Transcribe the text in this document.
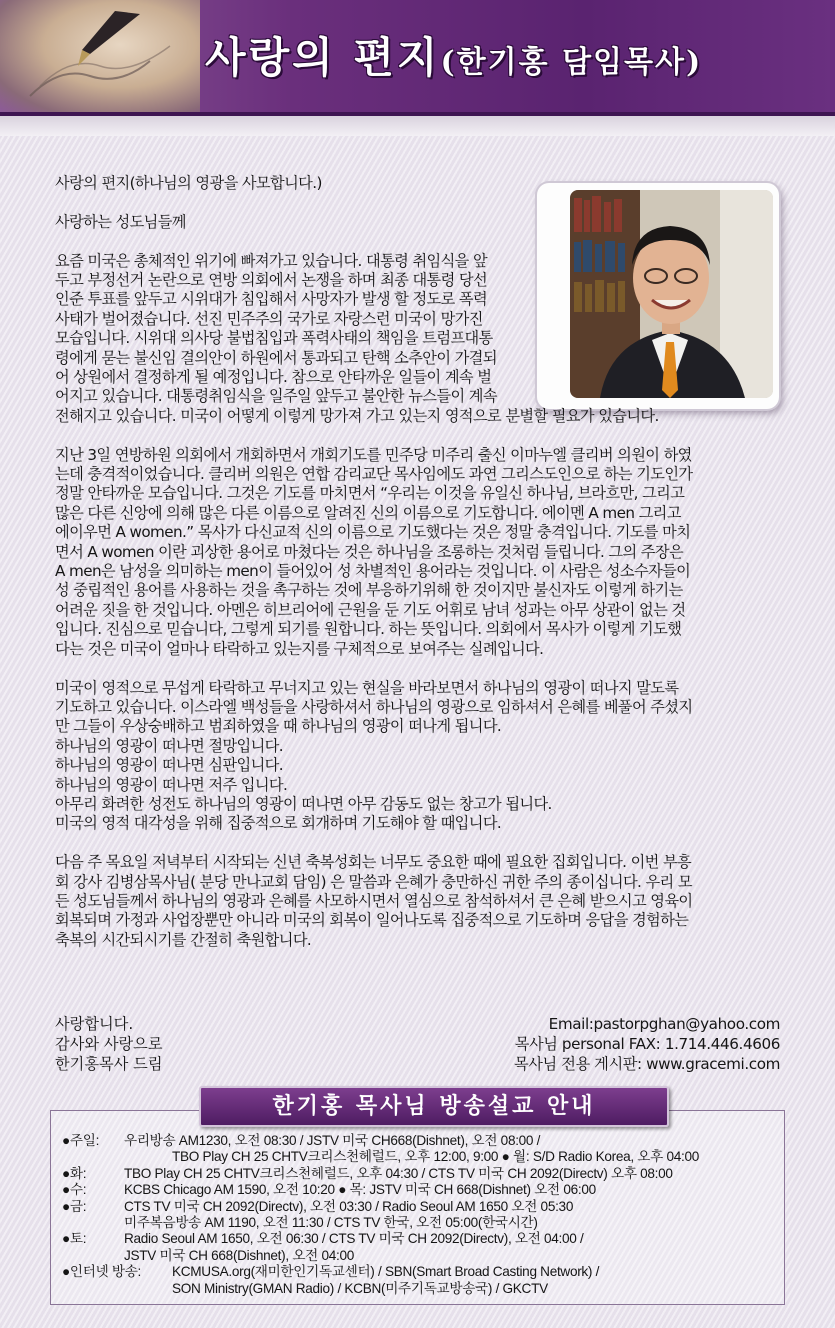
사랑의 편지(한기홍 담임목사)

사랑의 편지(하나님의 영광을 사모합니다.)

사랑하는 성도님들께

요즘 미국은 총체적인 위기에 빠져가고 있습니다. 대통령 취임식을 앞

두고 부정선거 논란으로 연방 의회에서 논쟁을 하며 최종 대통령 당선

인준 투표를 앞두고 시위대가 침입해서 사망자가 발생 할 정도로 폭력

사태가 벌어졌습니다. 선진 민주주의 국가로 자랑스런 미국이 망가진

모습입니다. 시위대 의사당 불법침입과 폭력사태의 책임을 트럼프대통

령에게 묻는 불신임 결의안이 하원에서 통과되고 탄핵 소추안이 가결되

어 상원에서 결정하게 될 예정입니다. 참으로 안타까운 일들이 계속 벌

어지고 있습니다. 대통령취임식을 일주일 앞두고 불안한 뉴스들이 계속

전해지고 있습니다. 미국이 어떻게 이렇게 망가져 가고 있는지 영적으로 분별할 필요가 있습니다.

지난 3일 연방하원 의회에서 개회하면서 개회기도를 민주당 미주리 출신 이마누엘 클리버 의원이 하였

는데 충격적이었습니다. 클리버 의원은 연합 감리교단 목사임에도 과연 그리스도인으로 하는 기도인가

정말 안타까운 모습입니다. 그것은 기도를 마치면서 “우리는 이것을 유일신 하나님, 브라흐만, 그리고

많은 다른 신앙에 의해 많은 다른 이름으로 알려진 신의 이름으로 기도합니다. 에이멘 A men 그리고

에이우먼 A women.” 목사가 다신교적 신의 이름으로 기도했다는 것은 정말 충격입니다. 기도를 마치

면서 A women 이란 괴상한 용어로 마쳤다는 것은 하나님을 조롱하는 것처럼 들립니다. 그의 주장은

A men은 남성을 의미하는 men이 들어있어 성 차별적인 용어라는 것입니다. 이 사람은 성소수자들이

성 중립적인 용어를 사용하는 것을 촉구하는 것에 부응하기위해 한 것이지만 불신자도 이렇게 하기는

어려운 짓을 한 것입니다. 아멘은 히브리어에 근원을 둔 기도 어휘로 남녀 성과는 아무 상관이 없는 것

입니다. 진심으로 믿습니다, 그렇게 되기를 원합니다. 하는 뜻입니다. 의회에서 목사가 이렇게 기도했

다는 것은 미국이 얼마나 타락하고 있는지를 구체적으로 보여주는 실례입니다.

미국이 영적으로 무섭게 타락하고 무너지고 있는 현실을 바라보면서 하나님의 영광이 떠나지 말도록

기도하고 있습니다. 이스라엘 백성들을 사랑하셔서 하나님의 영광으로 임하셔서 은혜를 베풀어 주셨지

만 그들이 우상숭배하고 범죄하였을 때 하나님의 영광이 떠나게 됩니다.

하나님의 영광이 떠나면 절망입니다.

하나님의 영광이 떠나면 심판입니다.

하나님의 영광이 떠나면 저주 입니다.

아무리 화려한 성전도 하나님의 영광이 떠나면 아무 감동도 없는 창고가 됩니다.

미국의 영적 대각성을 위해 집중적으로 회개하며 기도해야 할 때입니다.

다음 주 목요일 저녁부터 시작되는 신년 축복성회는 너무도 중요한 때에 필요한 집회입니다. 이번 부흥

회 강사 김병삼목사님( 분당 만나교회 담임) 은 말씀과 은혜가 충만하신 귀한 주의 종이십니다. 우리 모

든 성도님들께서 하나님의 영광과 은혜를 사모하시면서 열심으로 참석하셔서 큰 은혜 받으시고 영육이

회복되며 가정과 사업장뿐만 아니라 미국의 회복이 일어나도록 집중적으로 기도하며 응답을 경험하는

축복의 시간되시기를 간절히 축원합니다.

사랑합니다.
감사와 사랑으로
한기홍목사 드림
Email:pastorpghan@yahoo.com
목사님 personal FAX: 1.714.446.4606
목사님 전용 게시판: www.gracemi.com
한기홍 목사님 방송설교 안내
●주일:	우리방송 AM1230, 오전 08:30 / JSTV 미국 CH668(Dishnet), 오전 08:00 /
TBO Play CH 25 CHTV크리스천헤럴드, 오후 12:00, 9:00 ● 월: S/D Radio Korea, 오후 04:00
●화:	TBO Play CH 25 CHTV크리스천헤럴드, 오후 04:30 / CTS TV 미국 CH 2092(Directv) 오후 08:00
●수:	KCBS Chicago AM 1590, 오전 10:20 ● 목: JSTV 미국 CH 668(Dishnet) 오전 06:00
●금:	CTS TV 미국 CH 2092(Directv), 오전 03:30 / Radio Seoul AM 1650 오전 05:30
미주복음방송 AM 1190, 오전 11:30 / CTS TV 한국, 오전 05:00(한국시간)
●토:	Radio Seoul AM 1650, 오전 06:30 / CTS TV 미국 CH 2092(Directv), 오전 04:00 /
JSTV 미국 CH 668(Dishnet), 오전 04:00
●인터넷 방송:	KCMUSA.org(재미한인기독교센터) / SBN(Smart Broad Casting Network) /
SON Ministry(GMAN Radio) / KCBN(미주기독교방송국) / GKCTV
